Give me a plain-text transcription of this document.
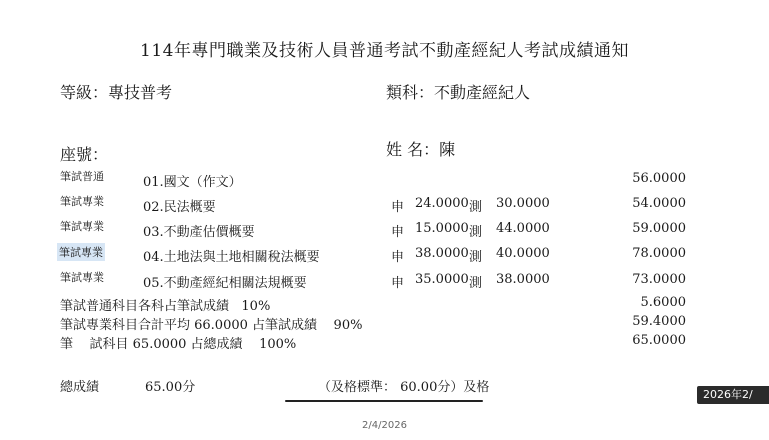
114年專門職業及技術人員普通考試不動產經紀人考試成績通知
等級：專技普考	類科：不動產經紀人
座號：	姓 名：陳
筆試普通	01.國文（作文）	56.0000
筆試專業	02.民法概要	申 24.0000 測 30.0000	54.0000
筆試專業	03.不動產估價概要	申 15.0000 測 44.0000	59.0000
筆試專業	04.土地法與土地相關稅法概要	申 38.0000 測 40.0000	78.0000
筆試專業	05.不動產經紀相關法規概要	申 35.0000 測 38.0000	73.0000
筆試普通科目各科占筆試成績   10%	5.6000
筆試專業科目合計平均 66.0000 占筆試成績    90%	59.4000
筆    試科目 65.0000 占總成績    100%	65.0000
總成績	65.00分	（及格標準： 60.00分）及格
2/4/2026
2026年2/
